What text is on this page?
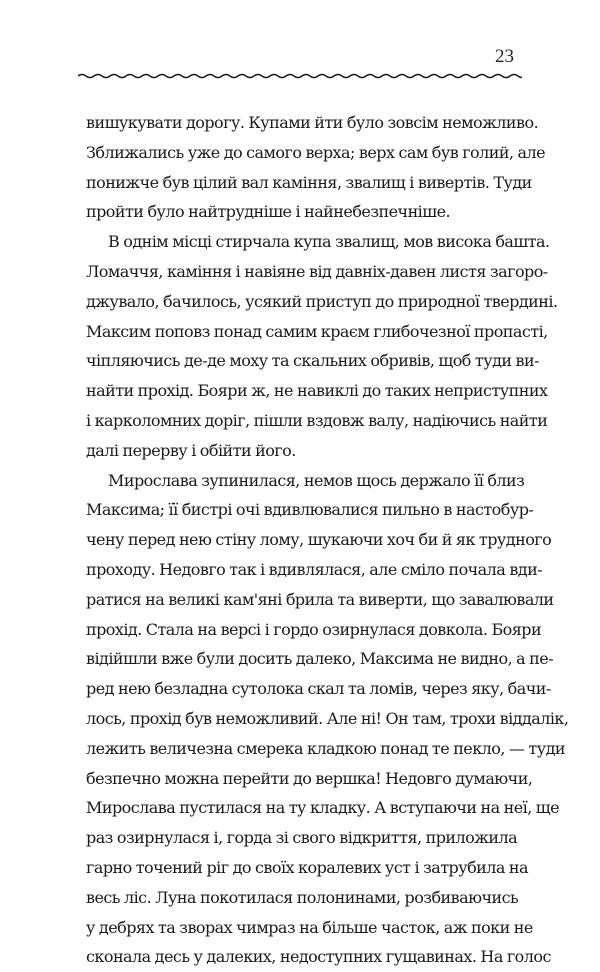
23
вишукувати дорогу. Купами йти було зовсім неможливо.
Зближались уже до самого верха; верх сам був голий, але
понижче був цілий вал каміння, звалищ і вивертів. Туди
пройти було найтрудніше і найнебезпечніше.
В однім місці стирчала купа звалищ, мов висока башта.
Ломаччя, каміння і навіяне від давніх-давен листя загоро-
джувало, бачилось, усякий приступ до природної твердині.
Максим поповз понад самим краєм глибочезної пропасті,
чіпляючись де-де моху та скальних обривів, щоб туди ви-
найти прохід. Бояри ж, не навиклі до таких неприступних
і карколомних доріг, пішли вздовж валу, надіючись найти
далі перерву і обійти його.
Мирослава зупинилася, немов щось держало її близ
Максима; її бистрі очі вдивлювалися пильно в настобур-
чену перед нею стіну лому, шукаючи хоч би й як трудного
проходу. Недовго так і вдивлялася, але сміло почала вди-
ратися на великі кам'яні брила та виверти, що завалювали
прохід. Стала на версі і гордо озирнулася довкола. Бояри
відійшли вже були досить далеко, Максима не видно, а пе-
ред нею безладна сутолока скал та ломів, через яку, бачи-
лось, прохід був неможливий. Але ні! Он там, трохи віддалік,
лежить величезна смерека кладкою понад те пекло, — туди
безпечно можна перейти до вершка! Недовго думаючи,
Мирослава пустилася на ту кладку. А вступаючи на неї, ще
раз озирнулася і, горда зі свого відкриття, приложила
гарно точений ріг до своїх коралевих уст і затрубила на
весь ліс. Луна покотилася полонинами, розбиваючись
у дебрях та зворах чимраз на більше часток, аж поки не
сконала десь у далеких, недоступних гущавинах. На голос
